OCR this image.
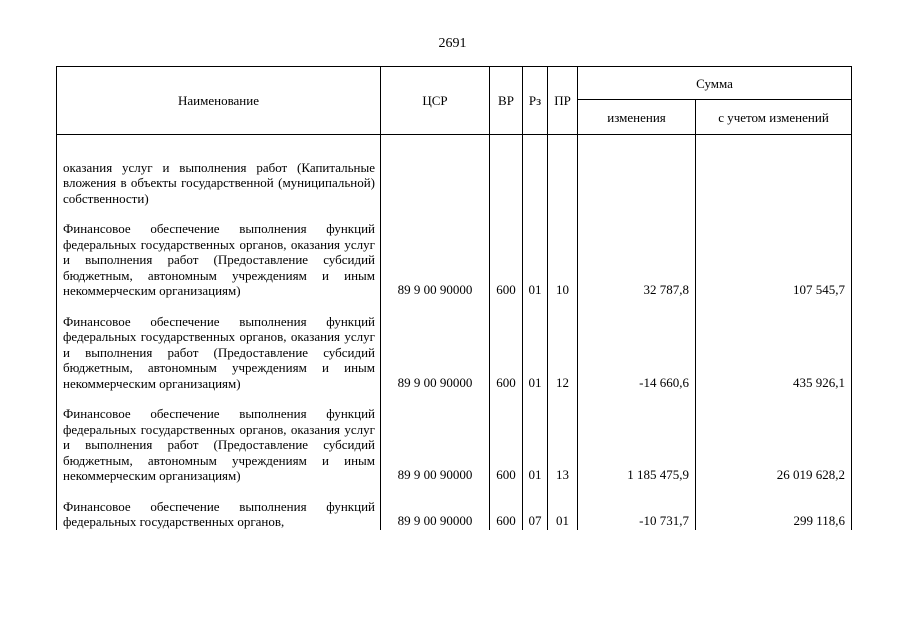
2691
Наименование	ЦСР	ВР	Рз	ПР	Сумма	
					изменения	с учетом изменений
оказания услуг и выполнения работ (Капитальные вложения в объекты государственной (муниципальной) собственности)						
Финансовое обеспечение выполнения функций федеральных государственных органов, оказания услуг и выполнения работ (Предоставление субсидий бюджетным, автономным учреждениям и иным некоммерческим организациям)	89 9 00 90000	600	01	10	32 787,8	107 545,7
Финансовое обеспечение выполнения функций федеральных государственных органов, оказания услуг и выполнения работ (Предоставление субсидий бюджетным, автономным учреждениям и иным некоммерческим организациям)	89 9 00 90000	600	01	12	-14 660,6	435 926,1
Финансовое обеспечение выполнения функций федеральных государственных органов, оказания услуг и выполнения работ (Предоставление субсидий бюджетным, автономным учреждениям и иным некоммерческим организациям)	89 9 00 90000	600	01	13	1 185 475,9	26 019 628,2
Финансовое обеспечение выполнения функций федеральных государственных органов,	89 9 00 90000	600	07	01	-10 731,7	299 118,6
